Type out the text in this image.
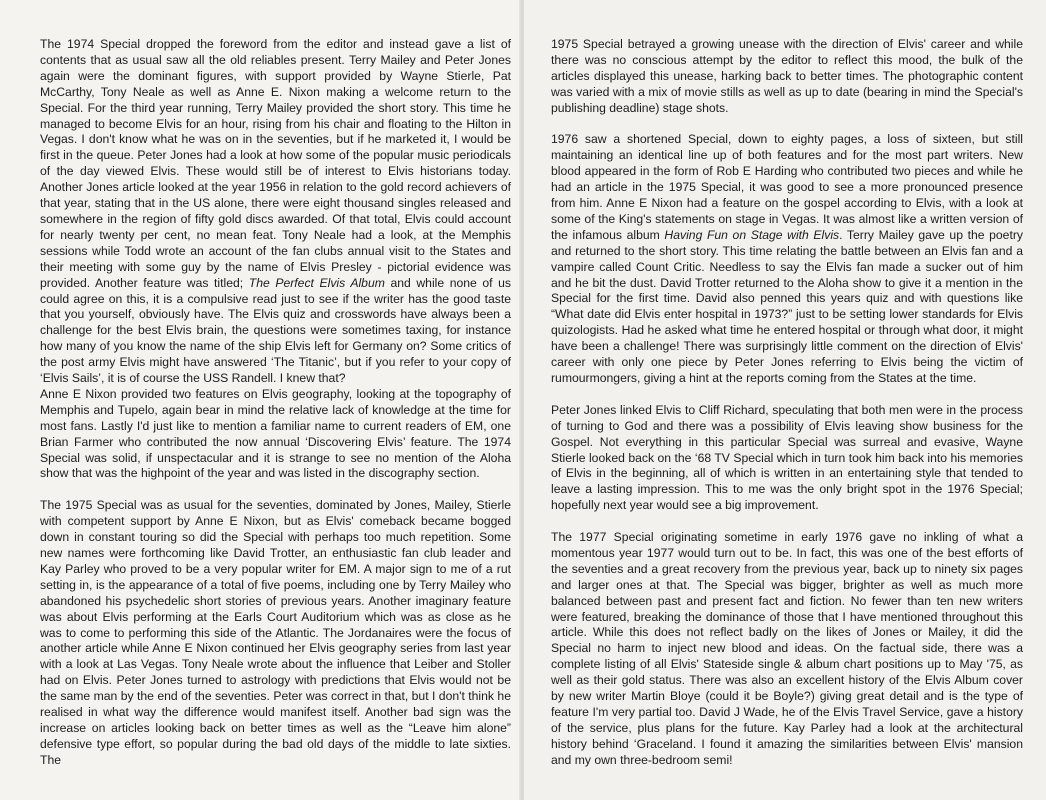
The 1974 Special dropped the foreword from the editor and instead gave a list of contents that as usual saw all the old reliables present. Terry Mailey and Peter Jones again were the dominant figures, with support provided by Wayne Stierle, Pat McCarthy, Tony Neale as well as Anne E. Nixon making a welcome return to the Special. For the third year running, Terry Mailey provided the short story. This time he managed to become Elvis for an hour, rising from his chair and floating to the Hilton in Vegas. I don't know what he was on in the seventies, but if he marketed it, I would be first in the queue. Peter Jones had a look at how some of the popular music periodicals of the day viewed Elvis. These would still be of interest to Elvis historians today. Another Jones article looked at the year 1956 in relation to the gold record achievers of that year, stating that in the US alone, there were eight thousand singles released and somewhere in the region of fifty gold discs awarded. Of that total, Elvis could account for nearly twenty per cent, no mean feat. Tony Neale had a look, at the Memphis sessions while Todd wrote an account of the fan clubs annual visit to the States and their meeting with some guy by the name of Elvis Presley - pictorial evidence was provided. Another feature was titled; The Perfect Elvis Album and while none of us could agree on this, it is a compulsive read just to see if the writer has the good taste that you yourself, obviously have. The Elvis quiz and crosswords have always been a challenge for the best Elvis brain, the questions were sometimes taxing, for instance how many of you know the name of the ship Elvis left for Germany on? Some critics of the post army Elvis might have answered ‘The Titanic’, but if you refer to your copy of ‘Elvis Sails’, it is of course the USS Randell. I knew that?

Anne E Nixon provided two features on Elvis geography, looking at the topography of Memphis and Tupelo, again bear in mind the relative lack of knowledge at the time for most fans. Lastly I'd just like to mention a familiar name to current readers of EM, one Brian Farmer who contributed the now annual ‘Discovering Elvis’ feature. The 1974 Special was solid, if unspectacular and it is strange to see no mention of the Aloha show that was the highpoint of the year and was listed in the discography section.

The 1975 Special was as usual for the seventies, dominated by Jones, Mailey, Stierle with competent support by Anne E Nixon, but as Elvis' comeback became bogged down in constant touring so did the Special with perhaps too much repetition. Some new names were forthcoming like David Trotter, an enthusiastic fan club leader and Kay Parley who proved to be a very popular writer for EM. A major sign to me of a rut setting in, is the appearance of a total of five poems, including one by Terry Mailey who abandoned his psychedelic short stories of previous years. Another imaginary feature was about Elvis performing at the Earls Court Auditorium which was as close as he was to come to performing this side of the Atlantic. The Jordanaires were the focus of another article while Anne E Nixon continued her Elvis geography series from last year with a look at Las Vegas. Tony Neale wrote about the influence that Leiber and Stoller had on Elvis. Peter Jones turned to astrology with predictions that Elvis would not be the same man by the end of the seventies. Peter was correct in that, but I don't think he realised in what way the difference would manifest itself. Another bad sign was the increase on articles looking back on better times as well as the “Leave him alone” defensive type effort, so popular during the bad old days of the middle to late sixties. The

1975 Special betrayed a growing unease with the direction of Elvis' career and while there was no conscious attempt by the editor to reflect this mood, the bulk of the articles displayed this unease, harking back to better times. The photographic content was varied with a mix of movie stills as well as up to date (bearing in mind the Special's publishing deadline) stage shots.

1976 saw a shortened Special, down to eighty pages, a loss of sixteen, but still maintaining an identical line up of both features and for the most part writers. New blood appeared in the form of Rob E Harding who contributed two pieces and while he had an article in the 1975 Special, it was good to see a more pronounced presence from him. Anne E Nixon had a feature on the gospel according to Elvis, with a look at some of the King's statements on stage in Vegas. It was almost like a written version of the infamous album Having Fun on Stage with Elvis. Terry Mailey gave up the poetry and returned to the short story. This time relating the battle between an Elvis fan and a vampire called Count Critic. Needless to say the Elvis fan made a sucker out of him and he bit the dust. David Trotter returned to the Aloha show to give it a mention in the Special for the first time. David also penned this years quiz and with questions like “What date did Elvis enter hospital in 1973?” just to be setting lower standards for Elvis quizologists. Had he asked what time he entered hospital or through what door, it might have been a challenge! There was surprisingly little comment on the direction of Elvis' career with only one piece by Peter Jones referring to Elvis being the victim of rumourmongers, giving a hint at the reports coming from the States at the time.

Peter Jones linked Elvis to Cliff Richard, speculating that both men were in the process of turning to God and there was a possibility of Elvis leaving show business for the Gospel. Not everything in this particular Special was surreal and evasive, Wayne Stierle looked back on the ‘68 TV Special which in turn took him back into his memories of Elvis in the beginning, all of which is written in an entertaining style that tended to leave a lasting impression. This to me was the only bright spot in the 1976 Special; hopefully next year would see a big improvement.

The 1977 Special originating sometime in early 1976 gave no inkling of what a momentous year 1977 would turn out to be. In fact, this was one of the best efforts of the seventies and a great recovery from the previous year, back up to ninety six pages and larger ones at that. The Special was bigger, brighter as well as much more balanced between past and present fact and fiction. No fewer than ten new writers were featured, breaking the dominance of those that I have mentioned throughout this article. While this does not reflect badly on the likes of Jones or Mailey, it did the Special no harm to inject new blood and ideas. On the factual side, there was a complete listing of all Elvis' Stateside single & album chart positions up to May '75, as well as their gold status. There was also an excellent history of the Elvis Album cover by new writer Martin Bloye (could it be Boyle?) giving great detail and is the type of feature I'm very partial too. David J Wade, he of the Elvis Travel Service, gave a history of the service, plus plans for the future. Kay Parley had a look at the architectural history behind ‘Graceland. I found it amazing the similarities between Elvis' mansion and my own three-bedroom semi!
